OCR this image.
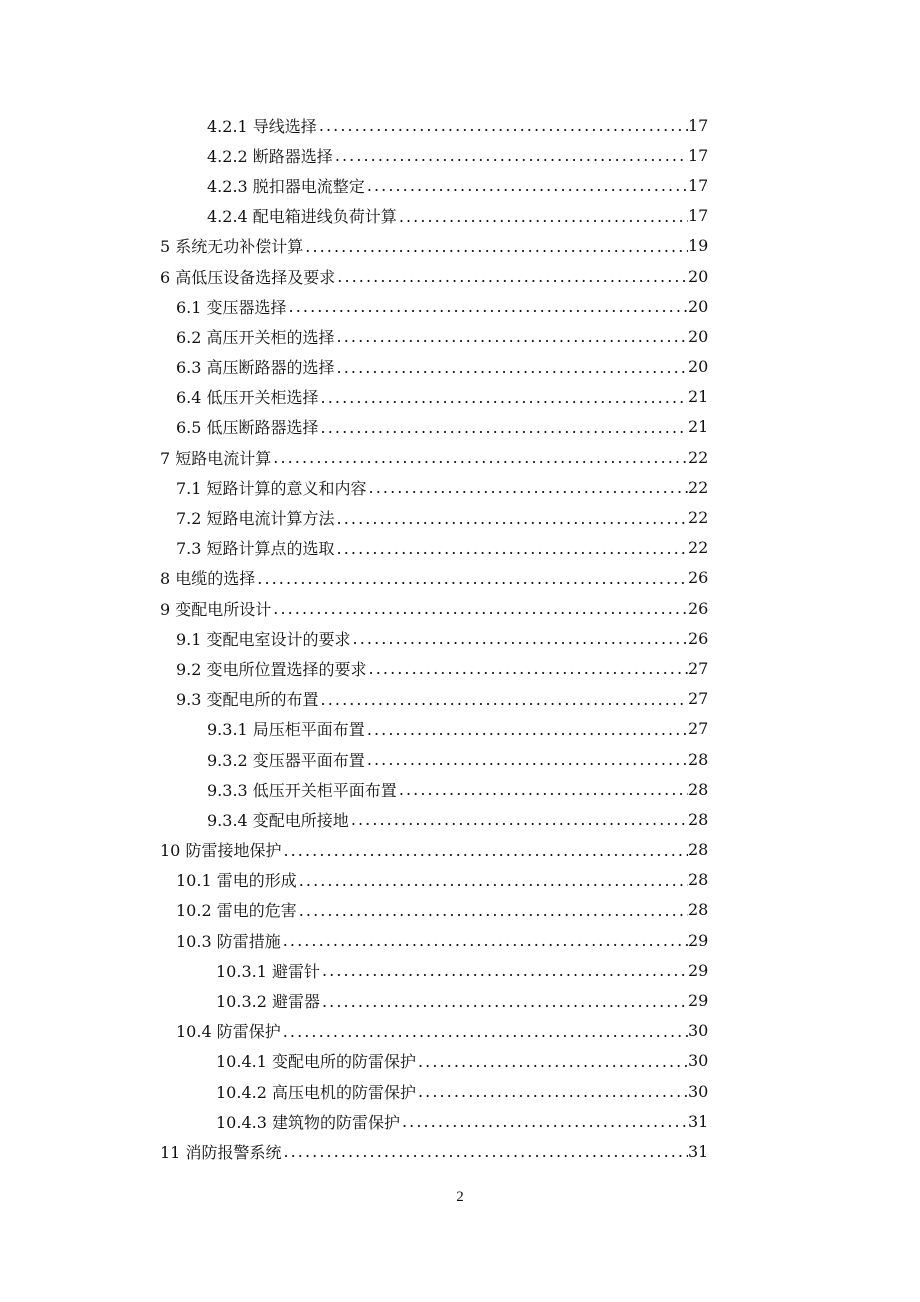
4.2.1 导线选择 . . .	17
4.2.2 断路器选择 . . .	17
4.2.3 脱扣器电流整定 . . .	17
4.2.4 配电箱进线负荷计算 . . .	17
5 系统无功补偿计算 . . .	19
6 高低压设备选择及要求 . . .	20
6.1 变压器选择 . . .	20
6.2 高压开关柜的选择 . . .	20
6.3 高压断路器的选择 . . .	20
6.4 低压开关柜选择 . . .	21
6.5 低压断路器选择 . . .	21
7 短路电流计算 . . .	22
7.1 短路计算的意义和内容 . . .	22
7.2 短路电流计算方法 . . .	22
7.3 短路计算点的选取 . . .	22
8 电缆的选择 . . .	26
9 变配电所设计 . . .	26
9.1 变配电室设计的要求 . . .	26
9.2 变电所位置选择的要求 . . .	27
9.3 变配电所的布置 . . .	27
9.3.1 局压柜平面布置 . . .	27
9.3.2 变压器平面布置 . . .	28
9.3.3 低压开关柜平面布置 . . .	28
9.3.4 变配电所接地 . . .	28
10 防雷接地保护 . . .	28
10.1 雷电的形成 . . .	28
10.2 雷电的危害 . . .	28
10.3 防雷措施 . . .	29
10.3.1 避雷针 . . .	29
10.3.2 避雷器 . . .	29
10.4 防雷保护 . . .	30
10.4.1 变配电所的防雷保护 . . .	30
10.4.2 高压电机的防雷保护 . . .	30
10.4.3 建筑物的防雷保护 . . .	31
11 消防报警系统 . . .	31
2
